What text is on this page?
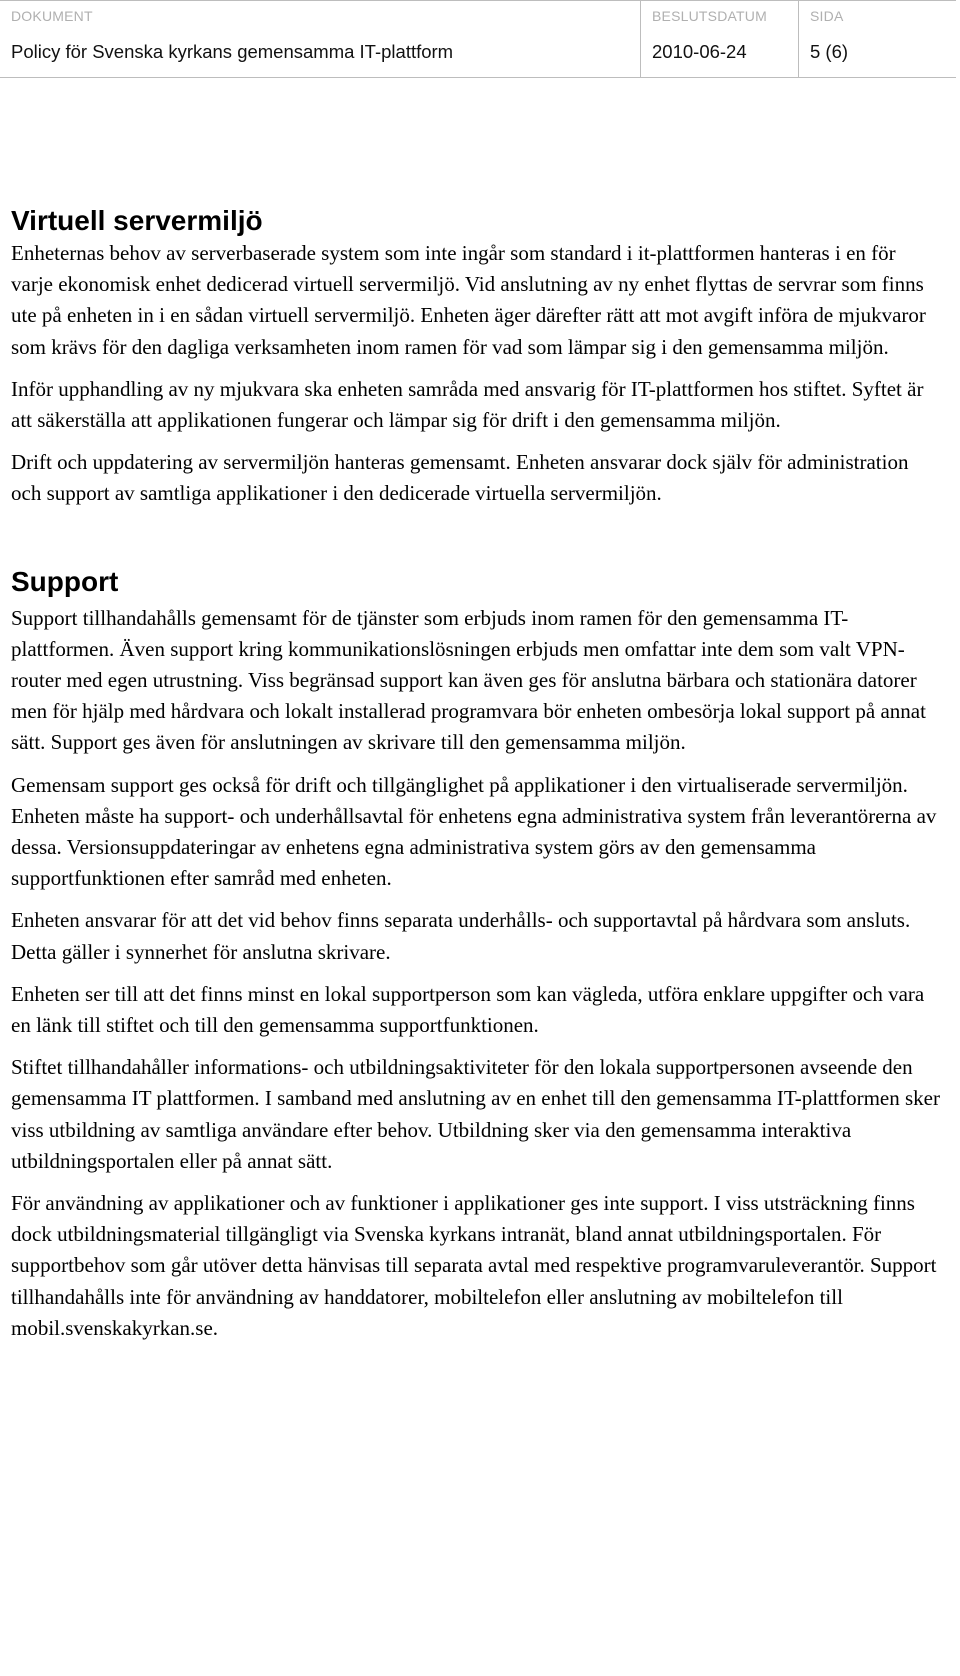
DOKUMENT
Policy för Svenska kyrkans gemensamma IT-plattform
BESLUTSDATUM
2010-06-24
SIDA
5 (6)
Virtuell servermiljö

Enheternas behov av serverbaserade system som inte ingår som standard i it-plattformen hanteras i en för varje ekonomisk enhet dedicerad virtuell servermiljö. Vid anslutning av ny enhet flyttas de servrar som finns ute på enheten in i en sådan virtuell servermiljö. Enheten äger därefter rätt att mot avgift införa de mjukvaror som krävs för den dagliga verksamheten inom ramen för vad som lämpar sig i den gemensamma miljön.

Inför upphandling av ny mjukvara ska enheten samråda med ansvarig för IT-plattformen hos stiftet. Syftet är att säkerställa att applikationen fungerar och lämpar sig för drift i den gemensamma miljön.

Drift och uppdatering av servermiljön hanteras gemensamt. Enheten ansvarar dock själv för administration och support av samtliga applikationer i den dedicerade virtuella servermiljön.

Support

Support tillhandahålls gemensamt för de tjänster som erbjuds inom ramen för den gemensamma IT-plattformen. Även support kring kommunikationslösningen erbjuds men omfattar inte dem som valt VPN-router med egen utrustning. Viss begränsad support kan även ges för anslutna bärbara och stationära datorer men för hjälp med hårdvara och lokalt installerad programvara bör enheten ombesörja lokal support på annat sätt. Support ges även för anslutningen av skrivare till den gemensamma miljön.

Gemensam support ges också för drift och tillgänglighet på applikationer i den virtualiserade servermiljön. Enheten måste ha support- och underhållsavtal för enhetens egna administrativa system från leverantörerna av dessa. Versionsuppdateringar av enhetens egna administrativa system görs av den gemensamma supportfunktionen efter samråd med enheten.

Enheten ansvarar för att det vid behov finns separata underhålls- och supportavtal på hårdvara som ansluts. Detta gäller i synnerhet för anslutna skrivare.

Enheten ser till att det finns minst en lokal supportperson som kan vägleda, utföra enklare uppgifter och vara en länk till stiftet och till den gemensamma supportfunktionen.

Stiftet tillhandahåller informations- och utbildningsaktiviteter för den lokala supportpersonen avseende den gemensamma IT plattformen. I samband med anslutning av en enhet till den gemensamma IT-plattformen sker viss utbildning av samtliga användare efter behov. Utbildning sker via den gemensamma interaktiva utbildningsportalen eller på annat sätt.

För användning av applikationer och av funktioner i applikationer ges inte support. I viss utsträckning finns dock utbildningsmaterial tillgängligt via Svenska kyrkans intranät, bland annat utbildningsportalen. För supportbehov som går utöver detta hänvisas till separata avtal med respektive programvaruleverantör. Support tillhandahålls inte för användning av handdatorer, mobiltelefon eller anslutning av mobiltelefon till mobil.svenskakyrkan.se.
